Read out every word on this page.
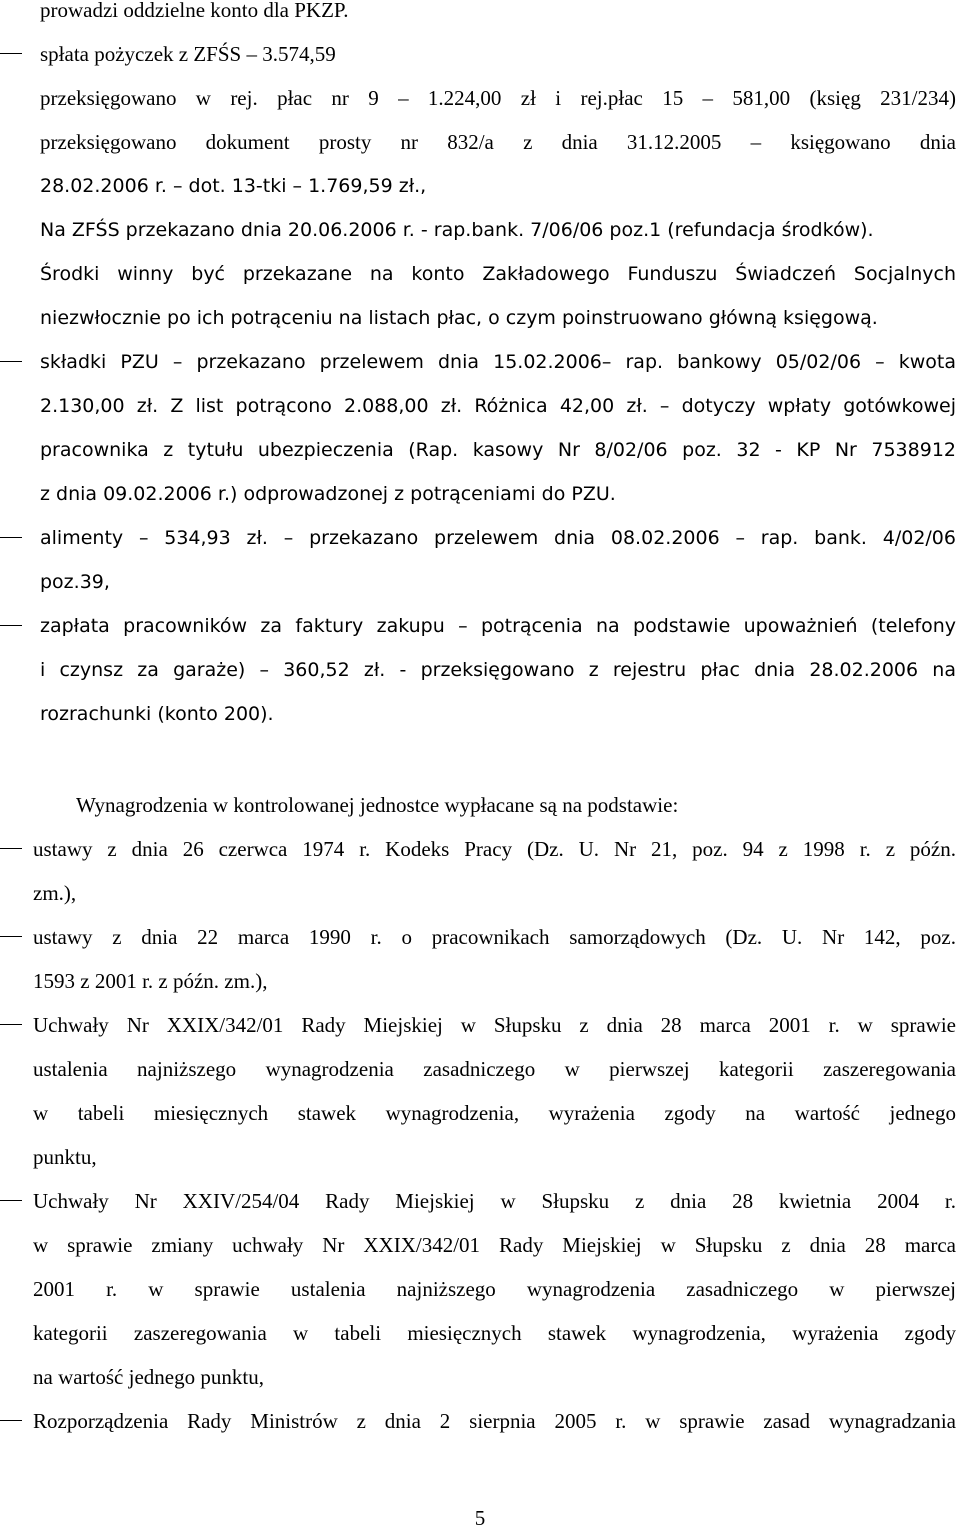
prowadzi oddzielne konto dla PKZP.
spłata pożyczek z ZFŚS – 3.574,59
przeksięgowano w rej. płac nr 9 – 1.224,00 zł i rej.płac 15 – 581,00 (księg 231/234)
przeksięgowano dokument prosty nr 832/a z dnia 31.12.2005 – księgowano dnia
28.02.2006 r. – dot. 13-tki – 1.769,59 zł.,
Na ZFŚS przekazano dnia 20.06.2006 r. - rap.bank. 7/06/06 poz.1 (refundacja środków).
Środki winny być przekazane na konto Zakładowego Funduszu Świadczeń Socjalnych
niezwłocznie po ich potrąceniu na listach płac, o czym poinstruowano główną księgową.
składki PZU – przekazano przelewem dnia 15.02.2006– rap. bankowy 05/02/06 – kwota
2.130,00 zł. Z list potrącono 2.088,00 zł. Różnica 42,00 zł. – dotyczy wpłaty gotówkowej
pracownika z tytułu ubezpieczenia (Rap. kasowy Nr 8/02/06 poz. 32 - KP Nr 7538912
z dnia 09.02.2006 r.) odprowadzonej z potrąceniami do PZU.
alimenty – 534,93 zł. – przekazano przelewem dnia 08.02.2006 – rap. bank. 4/02/06
poz.39,
zapłata pracowników za faktury zakupu – potrącenia na podstawie upoważnień (telefony
i czynsz za garaże) – 360,52 zł. - przeksięgowano z rejestru płac dnia 28.02.2006 na
rozrachunki (konto 200).
Wynagrodzenia w kontrolowanej jednostce wypłacane są na podstawie:
ustawy z dnia 26 czerwca 1974 r. Kodeks Pracy (Dz. U. Nr 21, poz. 94 z 1998 r. z późn.
zm.),
ustawy z dnia 22 marca 1990 r. o pracownikach samorządowych (Dz. U. Nr 142, poz.
1593 z 2001 r. z późn. zm.),
Uchwały Nr XXIX/342/01 Rady Miejskiej w Słupsku z dnia 28 marca 2001 r. w sprawie
ustalenia najniższego wynagrodzenia zasadniczego w pierwszej kategorii zaszeregowania
w tabeli miesięcznych stawek wynagrodzenia, wyrażenia zgody na wartość jednego
punktu,
Uchwały Nr XXIV/254/04 Rady Miejskiej w Słupsku z dnia 28 kwietnia 2004 r.
w sprawie zmiany uchwały Nr XXIX/342/01 Rady Miejskiej w Słupsku z dnia 28 marca
2001 r. w sprawie ustalenia najniższego wynagrodzenia zasadniczego w pierwszej
kategorii zaszeregowania w tabeli miesięcznych stawek wynagrodzenia, wyrażenia zgody
na wartość jednego punktu,
Rozporządzenia Rady Ministrów z dnia 2 sierpnia 2005 r. w sprawie zasad wynagradzania
5
